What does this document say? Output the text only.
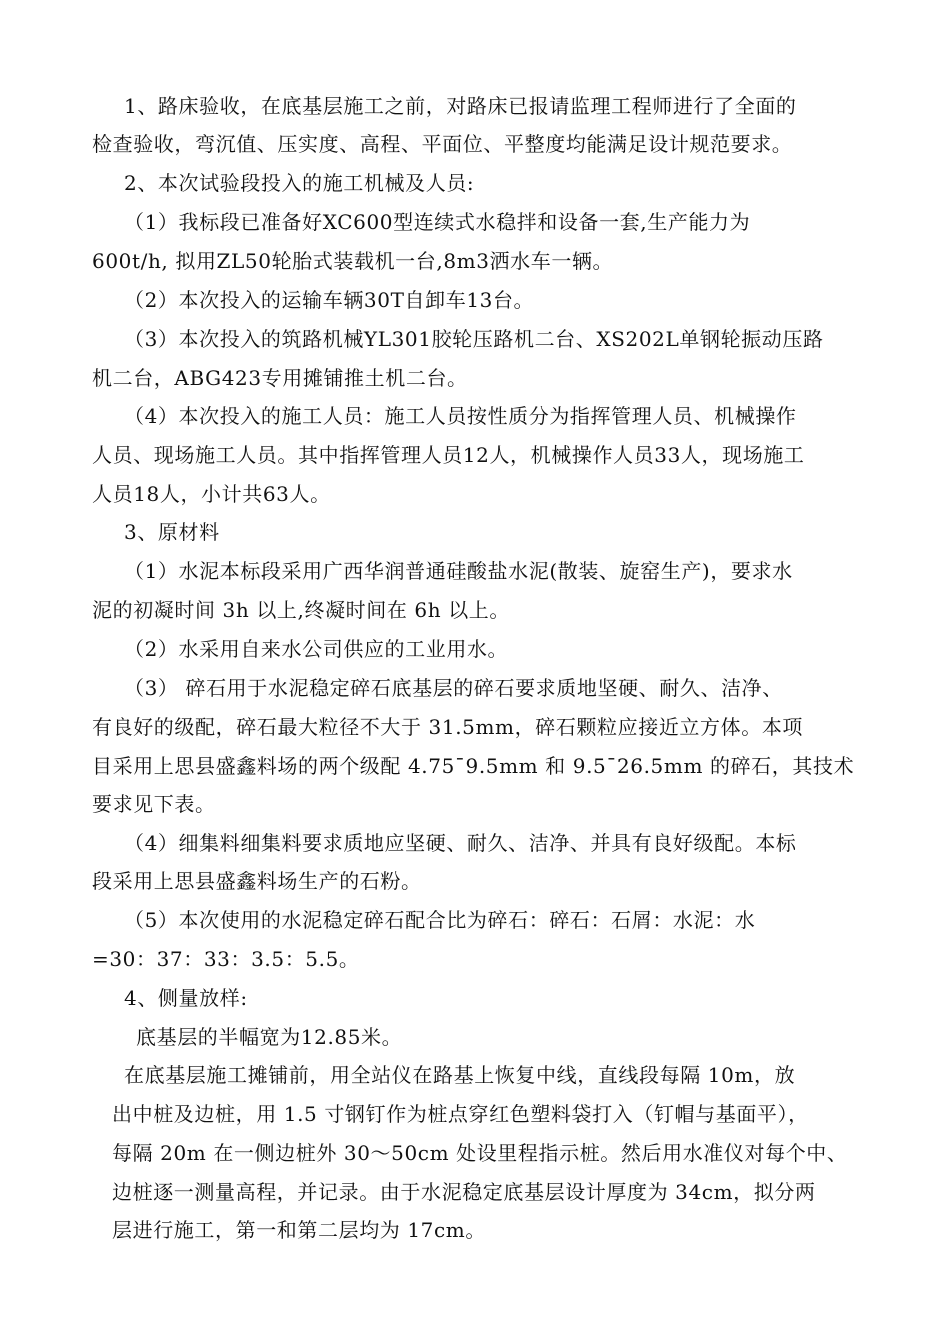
1、路床验收，在底基层施工之前，对路床已报请监理工程师进行了全面的
检查验收，弯沉值、压实度、高程、平面位、平整度均能满足设计规范要求。
2、本次试验段投入的施工机械及人员:
（1）我标段已准备好XC600型连续式水稳拌和设备一套,生产能力为
600t/h, 拟用ZL50轮胎式装载机一台,8m3洒水车一辆。
（2）本次投入的运输车辆30T自卸车13台。
（3）本次投入的筑路机械YL301胶轮压路机二台、XS202L单钢轮振动压路
机二台，ABG423专用摊铺推土机二台。
（4）本次投入的施工人员：施工人员按性质分为指挥管理人员、机械操作
人员、现场施工人员。其中指挥管理人员12人，机械操作人员33人，现场施工
人员18人，小计共63人。
3、原材料
（1）水泥本标段采用广西华润普通硅酸盐水泥(散装、旋窑生产)，要求水
泥的初凝时间 3h 以上,终凝时间在 6h 以上。
（2）水采用自来水公司供应的工业用水。
（3） 碎石用于水泥稳定碎石底基层的碎石要求质地坚硬、耐久、洁净、
有良好的级配，碎石最大粒径不大于 31.5mm，碎石颗粒应接近立方体。本项
目采用上思县盛鑫料场的两个级配 4.75¯9.5mm 和 9.5¯26.5mm 的碎石，其技术
要求见下表。
（4）细集料细集料要求质地应坚硬、耐久、洁净、并具有良好级配。本标
段采用上思县盛鑫料场生产的石粉。
（5）本次使用的水泥稳定碎石配合比为碎石：碎石：石屑：水泥：水
=30：37：33：3.5：5.5。
4、侧量放样:
底基层的半幅宽为12.85米。
在底基层施工摊铺前，用全站仪在路基上恢复中线，直线段每隔 10m，放
出中桩及边桩，用 1.5 寸钢钉作为桩点穿红色塑料袋打入（钉帽与基面平），
每隔 20m 在一侧边桩外 30～50cm 处设里程指示桩。然后用水准仪对每个中、
边桩逐一测量高程，并记录。由于水泥稳定底基层设计厚度为 34cm，拟分两
层进行施工，第一和第二层均为 17cm。
